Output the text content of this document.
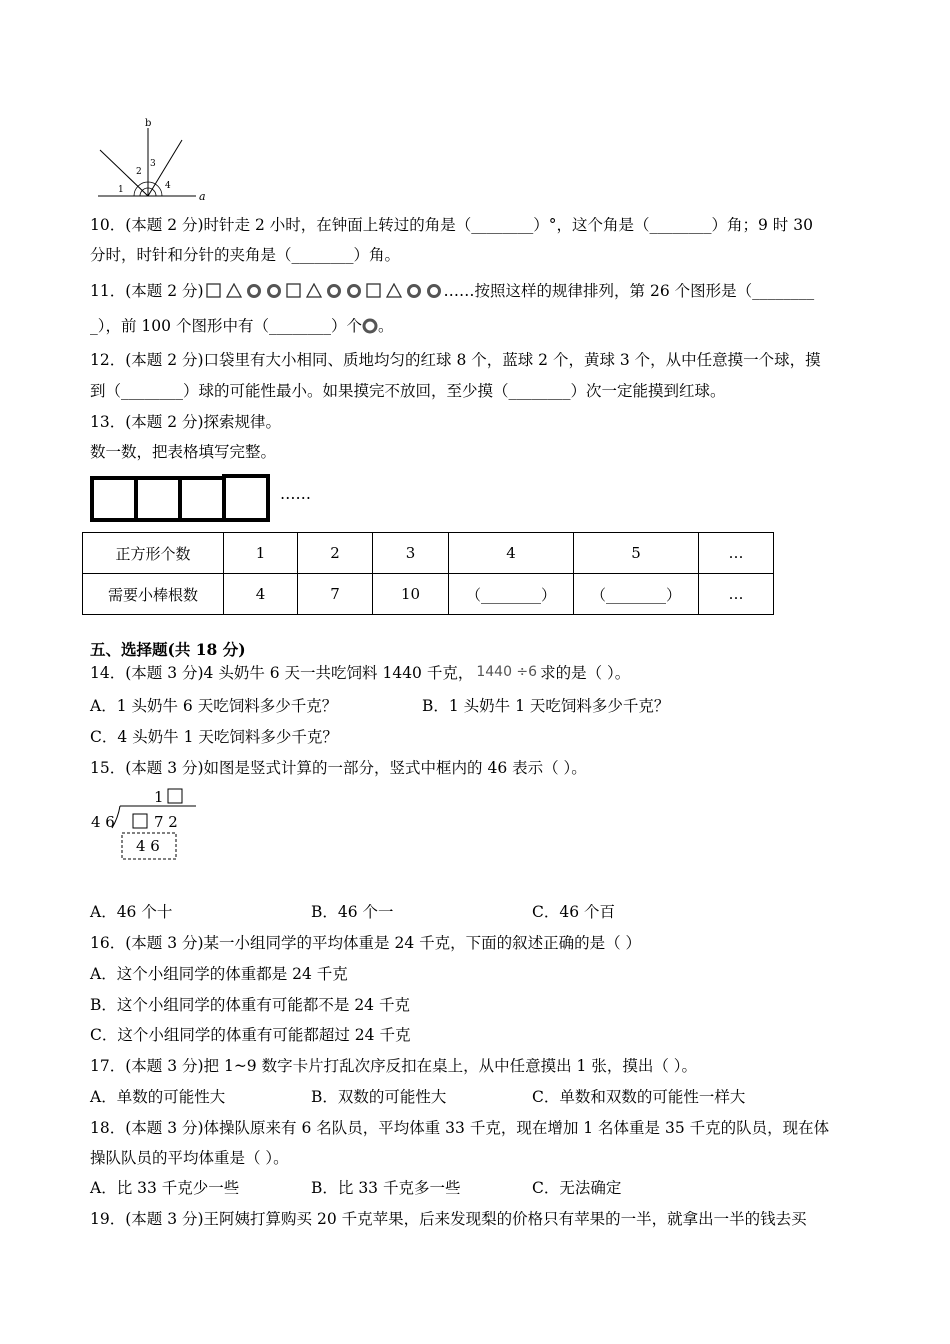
b
a
1
2
3
4
10．(本题 2 分)时针走 2 小时，在钟面上转过的角是（________）°，这个角是（________）角；9 时 30
分时，时针和分针的夹角是（________）角。
11．(本题 2 分)	……按照这样的规律排列，第 26 个图形是（________
_），前 100 个图形中有（________）个 。
12．(本题 2 分)口袋里有大小相同、质地均匀的红球 8 个，蓝球 2 个，黄球 3 个，从中任意摸一个球，摸
到（________）球的可能性最小。如果摸完不放回，至少摸（________）次一定能摸到红球。
13．(本题 2 分)探索规律。
数一数，把表格填写完整。
……
正方形个数	1	2	3	4	5	…
需要小棒根数	4	7	10	（________）	（________）	…
五、选择题(共 18 分)
14．(本题 3 分)4 头奶牛 6 天一共吃饲料 1440 千克， 1440 ÷6 求的是（ ）。
A．1 头奶牛 6 天吃饲料多少千克？	B．1 头奶牛 1 天吃饲料多少千克？
C．4 头奶牛 1 天吃饲料多少千克？
15．(本题 3 分)如图是竖式计算的一部分，竖式中框内的 46 表示（ ）。
1
4 6	7 2
4 6
A．46 个十	B．46 个一	C．46 个百
16．(本题 3 分)某一小组同学的平均体重是 24 千克，下面的叙述正确的是（ ）
A．这个小组同学的体重都是 24 千克
B．这个小组同学的体重有可能都不是 24 千克
C．这个小组同学的体重有可能都超过 24 千克
17．(本题 3 分)把 1~9 数字卡片打乱次序反扣在桌上，从中任意摸出 1 张，摸出（ ）。
A．单数的可能性大	B．双数的可能性大	C．单数和双数的可能性一样大
18．(本题 3 分)体操队原来有 6 名队员，平均体重 33 千克，现在增加 1 名体重是 35 千克的队员，现在体
操队队员的平均体重是（ ）。
A．比 33 千克少一些	B．比 33 千克多一些	C．无法确定
19．(本题 3 分)王阿姨打算购买 20 千克苹果，后来发现梨的价格只有苹果的一半，就拿出一半的钱去买
